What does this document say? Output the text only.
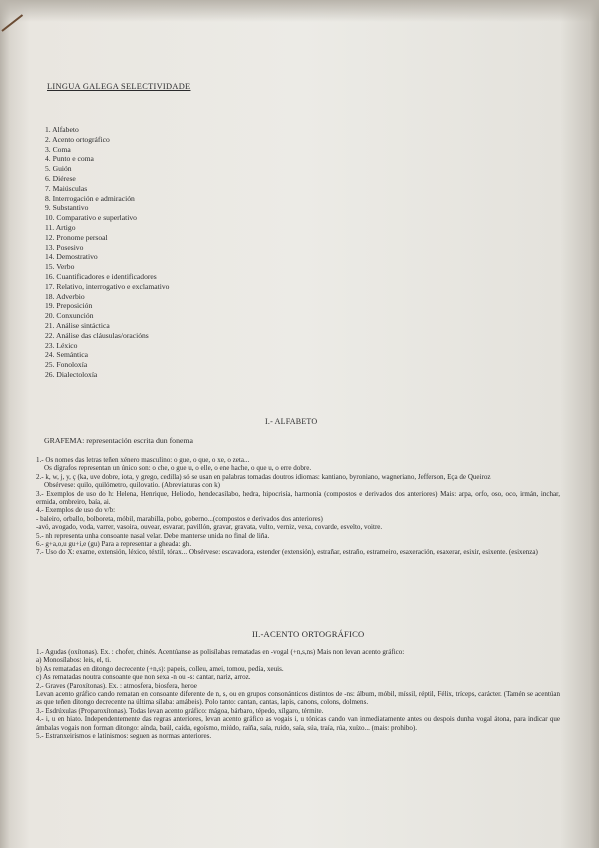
LINGUA GALEGA SELECTIVIDADE
1. Alfabeto
2. Acento ortográfico
3. Coma
4. Punto e coma
5. Guión
6. Diérese
7. Maiúsculas
8. Interrogación e admiración
9. Substantivo
10. Comparativo e superlativo
11. Artigo
12. Pronome persoal
13. Posesivo
14. Demostrativo
15. Verbo
16. Cuantificadores e identificadores
17. Relativo, interrogativo e exclamativo
18. Adverbio
19. Preposición
20. Conxunción
21. Análise sintáctica
22. Análise das cláusulas/oracións
23. Léxico
24. Semántica
25. Fonoloxía
26. Dialectoloxía
I.- ALFABETO
GRAFEMA: representación escrita dun fonema

1.- Os nomes das letras teñen xénero masculino: o gue, o que, o xe, o zeta...

Os dígrafos representan un único son: o che, o gue u, o elle, o ene hache, o que u, o erre dobre.

2.- k, w, j, y, ç (ka, uve dobre, iota, y grego, cedilla) só se usan en palabras tomadas doutros idiomas: kantiano, byroniano, wagneriano, Jefferson, Eça de Queiroz

Obsérvese: quilo, quilómetro, quilovatio. (Abreviaturas con k)

3.- Exemplos de uso do h: Helena, Henrique, Heliodo, hendecasílabo, hedra, hipocrisía, harmonía (compostos e derivados dos anteriores) Mais: arpa, orfo, oso, oco, irmán, inchar, ermida, ombreiro, baía, ai.

4.- Exemplos de uso do v/b:

- baleiro, orballo, bolboreta, móbil, marabilla, pobo, goberno...(compostos e derivados dos anteriores)

-avó, avogado, voda, varrer, vasoira, ouvear, esvarar, pavillón, gravar, gravata, vulto, verniz, vexa, covarde, esvelto, voitre.

5.- nh representa unha consoante nasal velar. Debe manterse unida no final de liña.

6.- g+a,o,u gu+i,e (gu) Para a representar a gheada: gh.

7.- Uso do X: exame, extensión, léxico, téxtil, tórax... Obsérvese: escavadora, estender (extensión), estrañar, estraño, estrameiro, esaxeración, esaxerar, esixir, esixente. (esixenza)

II.-ACENTO ORTOGRÁFICO

1.- Agudas (oxítonas). Ex. : chofer, chinés. Acentúanse as polisílabas rematadas en -vogal (+n,s,ns) Mais non levan acento gráfico:

a) Monosílabos: leis, el, ti.

b) As rematadas en ditongo decrecente (+n,s): papeis, colleu, amei, tomou, pedía, xeuis.

c) As rematadas noutra consoante que non sexa -n ou -s: cantar, nariz, arroz.

2.- Graves (Paroxítonas). Ex. : atmosfera, biosfera, heroe

Levan acento gráfico cando rematan en consoante diferente de n, s, ou en grupos consonánticos distintos de -ns: álbum, móbil, míssil, réptil, Félix, tríceps, carácter. (Tamén se acentúan as que teñen ditongo decrecente na última sílaba: amábeis). Polo tanto: cantan, cantas, lapis, canons, colons, dolmens.

3.- Esdrúxulas (Proparoxítonas). Todas levan acento gráfico: mágoa, bárbaro, tépedo, xílgaro, térmite.

4.- i, u en hiato. Independentemente das regras anteriores, levan acento gráfico as vogais i, u tónicas cando van inmediatamente antes ou despois dunha vogal átona, para indicar que ámbalas vogais non forman ditongo: aínda, baúl, caída, egoísmo, miúdo, raíña, saía, ruído, saía, súa, traía, rúa, xuízo... (mais: prohibo).

5.- Estranxeirismos e latinismos: seguen as normas anteriores.
